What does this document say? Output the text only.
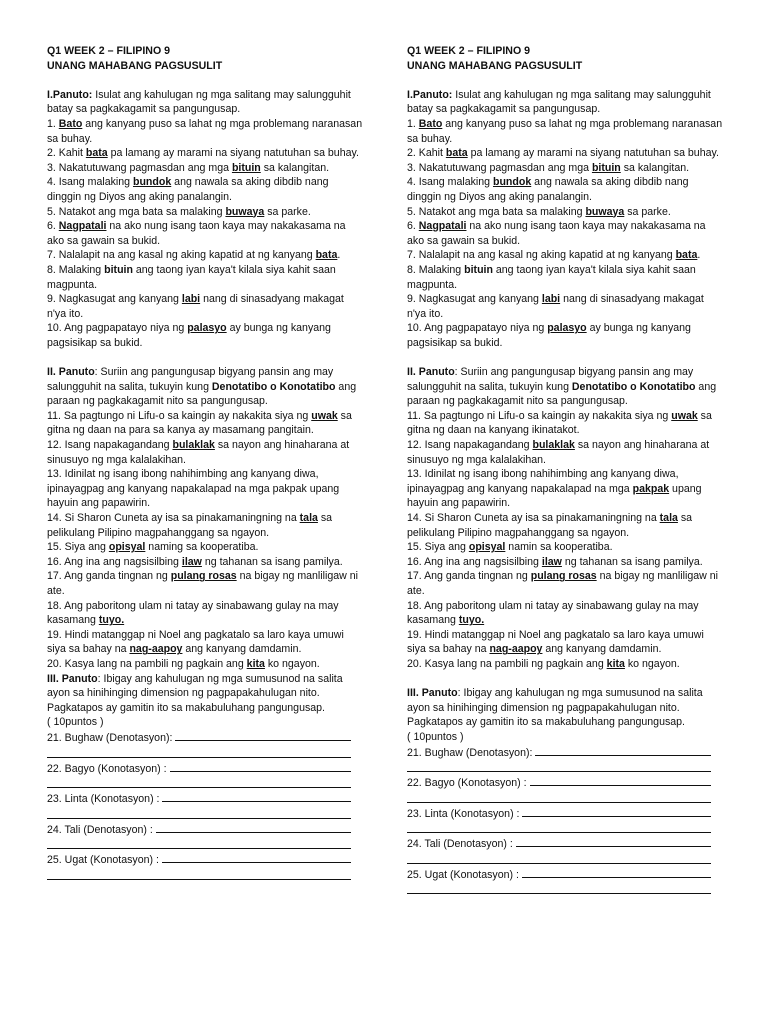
Q1 WEEK 2 – FILIPINO 9

UNANG MAHABANG PAGSUSULIT

I.Panuto: Isulat ang kahulugan ng mga salitang may salungguhit batay sa pagkakagamit sa pangungusap.

1. Bato ang kanyang puso sa lahat ng mga problemang naranasan sa buhay.

2. Kahit bata pa lamang ay marami na siyang natutuhan sa buhay.

3. Nakatutuwang pagmasdan ang mga bituin sa kalangitan.

4. Isang malaking bundok ang nawala sa aking dibdib nang dinggin ng Diyos ang aking panalangin.

5. Natakot ang mga bata sa malaking buwaya sa parke.

6. Nagpatali na ako nung isang taon kaya may nakakasama na ako sa gawain sa bukid.

7. Nalalapit na ang kasal ng aking kapatid at ng kanyang bata.

8. Malaking bituin ang taong iyan kaya't kilala siya kahit saan magpunta.

9. Nagkasugat ang kanyang labi nang di sinasadyang makagat n'ya ito.

10. Ang pagpapatayo niya ng palasyo ay bunga ng kanyang pagsisikap sa bukid.

II. Panuto: Suriin ang pangungusap bigyang pansin ang may salungguhit na salita, tukuyin kung Denotatibo o Konotatibo ang paraan ng pagkakagamit nito sa pangungusap.

11. Sa pagtungo ni Lifu-o sa kaingin ay nakakita siya ng uwak sa gitna ng daan na para sa kanya ay masamang pangitain.

12. Isang napakagandang bulaklak sa nayon ang hinaharana at sinusuyo ng mga kalalakihan.

13. Idinilat ng isang ibong nahihimbing ang kanyang diwa, ipinayagpag ang kanyang napakalapad na mga pakpak upang hayuin ang papawirin.

14. Si Sharon Cuneta ay isa sa pinakamaningning na tala sa pelikulang Pilipino magpahanggang sa ngayon.

15. Siya ang opisyal naming sa kooperatiba.

16. Ang ina ang nagsisilbing ilaw ng tahanan sa isang pamilya.

17. Ang ganda tingnan ng pulang rosas na bigay ng manliligaw ni ate.

18. Ang paboritong ulam ni tatay ay sinabawang gulay na may kasamang tuyo.

19. Hindi matanggap ni Noel ang pagkatalo sa laro kaya umuwi siya sa bahay na nag-aapoy ang kanyang damdamin.

20. Kasya lang na pambili ng pagkain ang kita ko ngayon.

III. Panuto: Ibigay ang kahulugan ng mga sumusunod na salita ayon sa hinihinging dimension ng pagpapakahulugan nito. Pagkatapos ay gamitin ito sa makabuluhang pangungusap.

( 10puntos )

21. Bughaw (Denotasyon):

22. Bagyo (Konotasyon) :

23. Linta (Konotasyon) :

24. Tali (Denotasyon) :

25. Ugat (Konotasyon) :

Q1 WEEK 2 – FILIPINO 9

UNANG MAHABANG PAGSUSULIT

I.Panuto: Isulat ang kahulugan ng mga salitang may salungguhit batay sa pagkakagamit sa pangungusap.

1. Bato ang kanyang puso sa lahat ng mga problemang naranasan sa buhay.

2. Kahit bata pa lamang ay marami na siyang natutuhan sa buhay.

3. Nakatutuwang pagmasdan ang mga bituin sa kalangitan.

4. Isang malaking bundok ang nawala sa aking dibdib nang dinggin ng Diyos ang aking panalangin.

5. Natakot ang mga bata sa malaking buwaya sa parke.

6. Nagpatali na ako nung isang taon kaya may nakakasama na ako sa gawain sa bukid.

7. Nalalapit na ang kasal ng aking kapatid at ng kanyang bata.

8. Malaking bituin ang taong iyan kaya't kilala siya kahit saan magpunta.

9. Nagkasugat ang kanyang labi nang di sinasadyang makagat n'ya ito.

10. Ang pagpapatayo niya ng palasyo ay bunga ng kanyang pagsisikap sa bukid.

II. Panuto: Suriin ang pangungusap bigyang pansin ang may salungguhit na salita, tukuyin kung Denotatibo o Konotatibo ang paraan ng pagkakagamit nito sa pangungusap.

11. Sa pagtungo ni Lifu-o sa kaingin ay nakakita siya ng uwak sa gitna ng daan na kanyang ikinatakot.

12. Isang napakagandang bulaklak sa nayon ang hinaharana at sinusuyo ng mga kalalakihan.

13. Idinilat ng isang ibong nahihimbing ang kanyang diwa, ipinayagpag ang kanyang napakalapad na mga pakpak upang hayuin ang papawirin.

14. Si Sharon Cuneta ay isa sa pinakamaningning na tala sa pelikulang Pilipino magpahanggang sa ngayon.

15. Siya ang opisyal namin sa kooperatiba.

16. Ang ina ang nagsisilbing ilaw ng tahanan sa isang pamilya.

17. Ang ganda tingnan ng pulang rosas na bigay ng manliligaw ni ate.

18. Ang paboritong ulam ni tatay ay sinabawang gulay na may kasamang tuyo.

19. Hindi matanggap ni Noel ang pagkatalo sa laro kaya umuwi siya sa bahay na nag-aapoy ang kanyang damdamin.

20. Kasya lang na pambili ng pagkain ang kita ko ngayon.

III. Panuto: Ibigay ang kahulugan ng mga sumusunod na salita ayon sa hinihinging dimension ng pagpapakahulugan nito. Pagkatapos ay gamitin ito sa makabuluhang pangungusap.

( 10puntos )

21. Bughaw (Denotasyon):

22. Bagyo (Konotasyon) :

23. Linta (Konotasyon) :

24. Tali (Denotasyon) :

25. Ugat (Konotasyon) :
